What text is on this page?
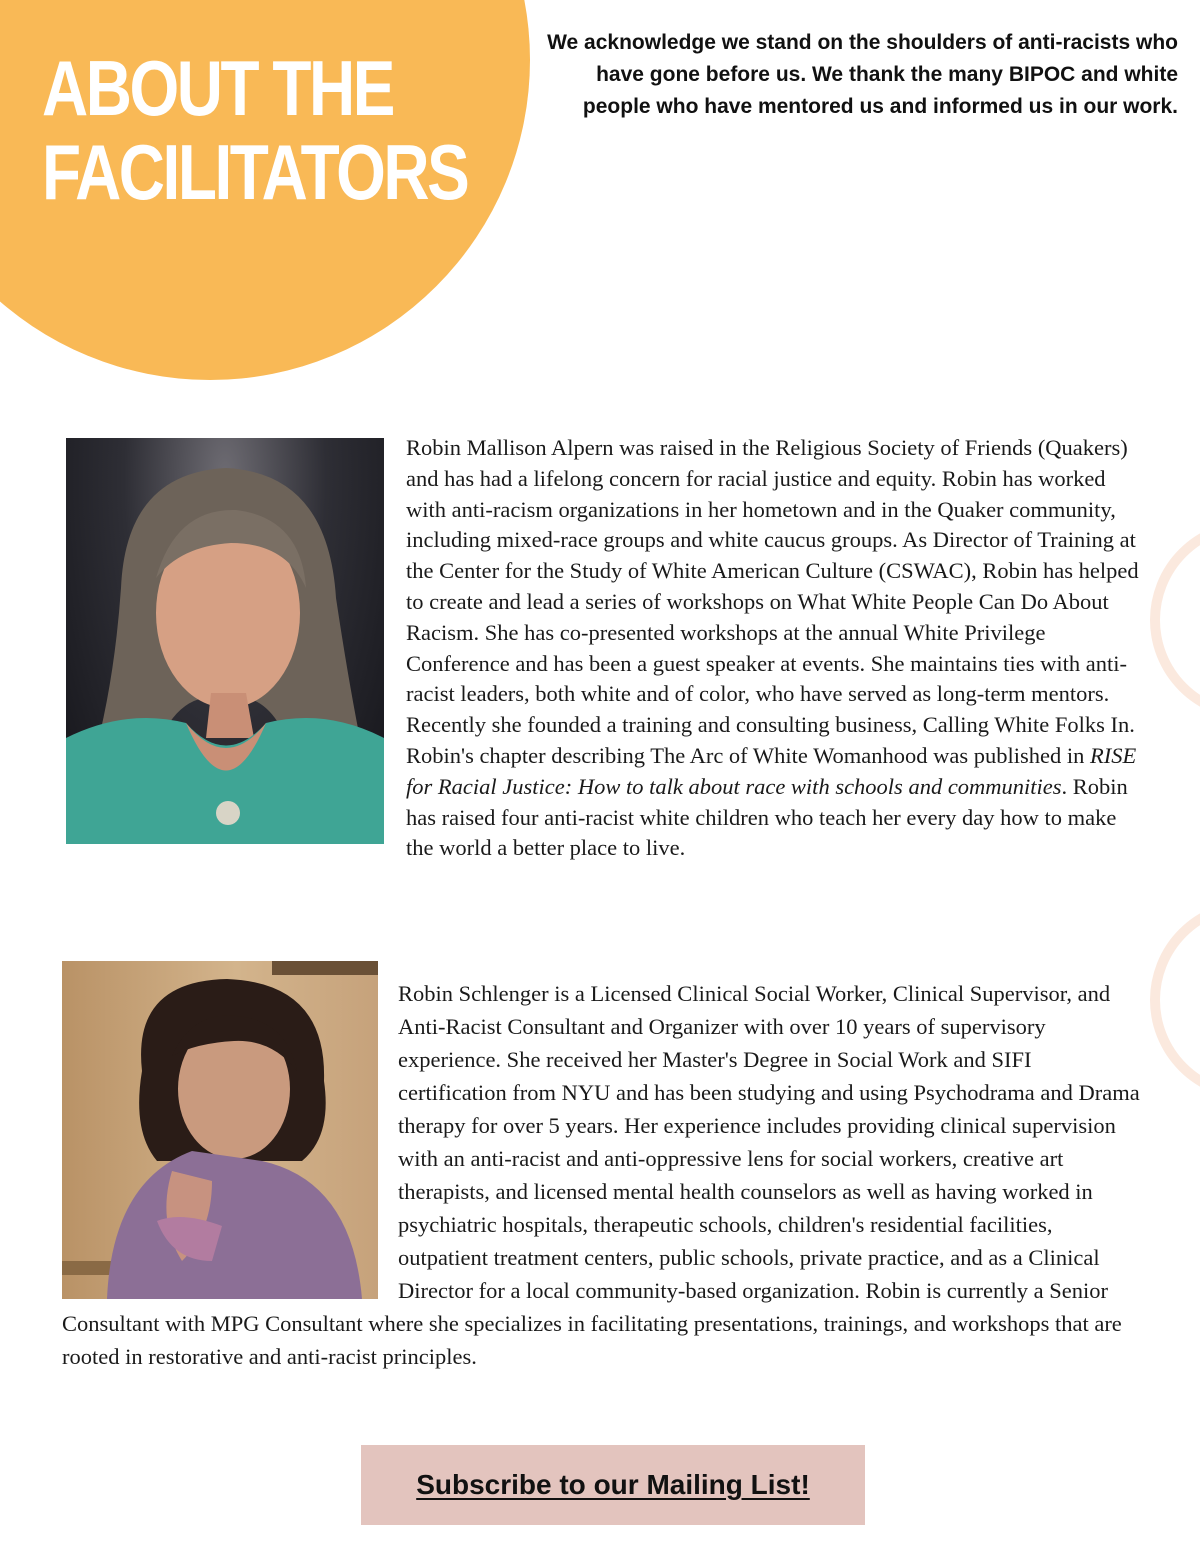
ABOUT THE
FACILITATORS

We acknowledge we stand on the shoulders of anti-racists who have gone before us. We thank the many BIPOC and white people who have mentored us and informed us in our work.

Robin Mallison Alpern was raised in the Religious Society of Friends (Quakers) and has had a lifelong concern for racial justice and equity. Robin has worked with anti-racism organizations in her hometown and in the Quaker community, including mixed-race groups and white caucus groups. As Director of Training at the Center for the Study of White American Culture (CSWAC), Robin has helped to create and lead a series of workshops on What White People Can Do About Racism. She has co-presented workshops at the annual White Privilege Conference and has been a guest speaker at events. She maintains ties with anti-racist leaders, both white and of color, who have served as long-term mentors. Recently she founded a training and consulting business, Calling White Folks In. Robin's chapter describing The Arc of White Womanhood was published in RISE for Racial Justice: How to talk about race with schools and communities. Robin has raised four anti-racist white children who teach her every day how to make the world a better place to live.

Robin Schlenger is a Licensed Clinical Social Worker, Clinical Supervisor, and Anti-Racist Consultant and Organizer with over 10 years of supervisory experience. She received her Master's Degree in Social Work and SIFI certification from NYU and has been studying and using Psychodrama and Drama therapy for over 5 years. Her experience includes providing clinical supervision with an anti-racist and anti-oppressive lens for social workers, creative art therapists, and licensed mental health counselors as well as having worked in psychiatric hospitals, therapeutic schools, children's residential facilities, outpatient treatment centers, public schools, private practice, and as a Clinical Director for a local community-based organization. Robin is currently a Senior Consultant with MPG Consultant where she specializes in facilitating presentations, trainings, and workshops that are rooted in restorative and anti-racist principles.

Subscribe to our Mailing List!
